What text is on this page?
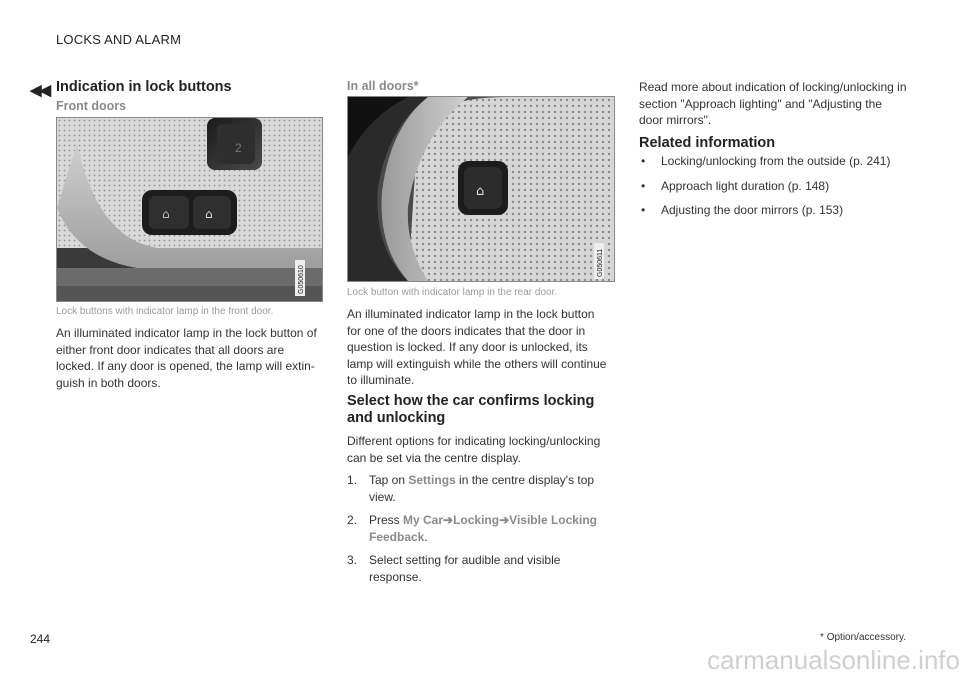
LOCKS AND ALARM
◀◀ Indication in lock buttons
Front doors
2
⌂	⌂
G050610
Lock buttons with indicator lamp in the front door.
An illuminated indicator lamp in the lock button of either front door indicates that all doors are locked. If any door is opened, the lamp will extinguish in both doors.
In all doors*
⌂
G050611
Lock button with indicator lamp in the rear door.
An illuminated indicator lamp in the lock button for one of the doors indicates that the door in question is locked. If any door is unlocked, its lamp will extinguish while the others will continue to illuminate.
Select how the car confirms locking and unlocking
Different options for indicating locking/unlocking can be set via the centre display.
1. Tap on Settings in the centre display's top view.
2. Press My Car➔Locking➔Visible Locking Feedback.
3. Select setting for audible and visible response.
Read more about indication of locking/unlocking in section "Approach lighting" and "Adjusting the door mirrors".
Related information
• Locking/unlocking from the outside (p. 241)
• Approach light duration (p. 148)
• Adjusting the door mirrors (p. 153)
244	* Option/accessory.
carmanualsonline.info
